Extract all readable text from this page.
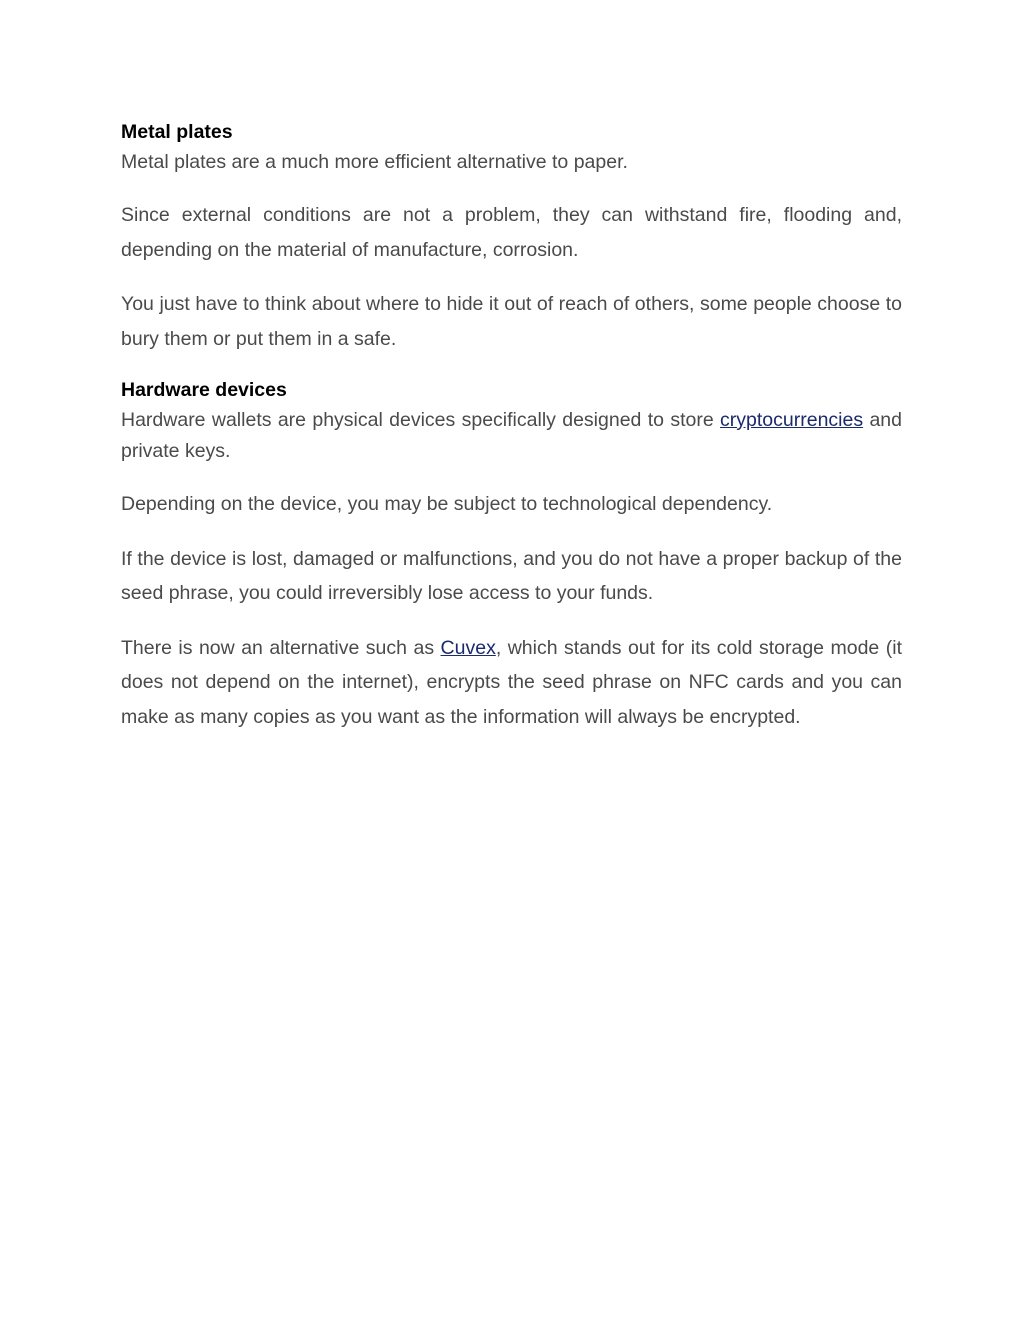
Metal plates

Metal plates are a much more efficient alternative to paper.

Since external conditions are not a problem, they can withstand fire, flooding and, depending on the material of manufacture, corrosion.

You just have to think about where to hide it out of reach of others, some people choose to bury them or put them in a safe.

Hardware devices

Hardware wallets are physical devices specifically designed to store cryptocurrencies and private keys.

Depending on the device, you may be subject to technological dependency.

If the device is lost, damaged or malfunctions, and you do not have a proper backup of the seed phrase, you could irreversibly lose access to your funds.

There is now an alternative such as Cuvex, which stands out for its cold storage mode (it does not depend on the internet), encrypts the seed phrase on NFC cards and you can make as many copies as you want as the information will always be encrypted.
